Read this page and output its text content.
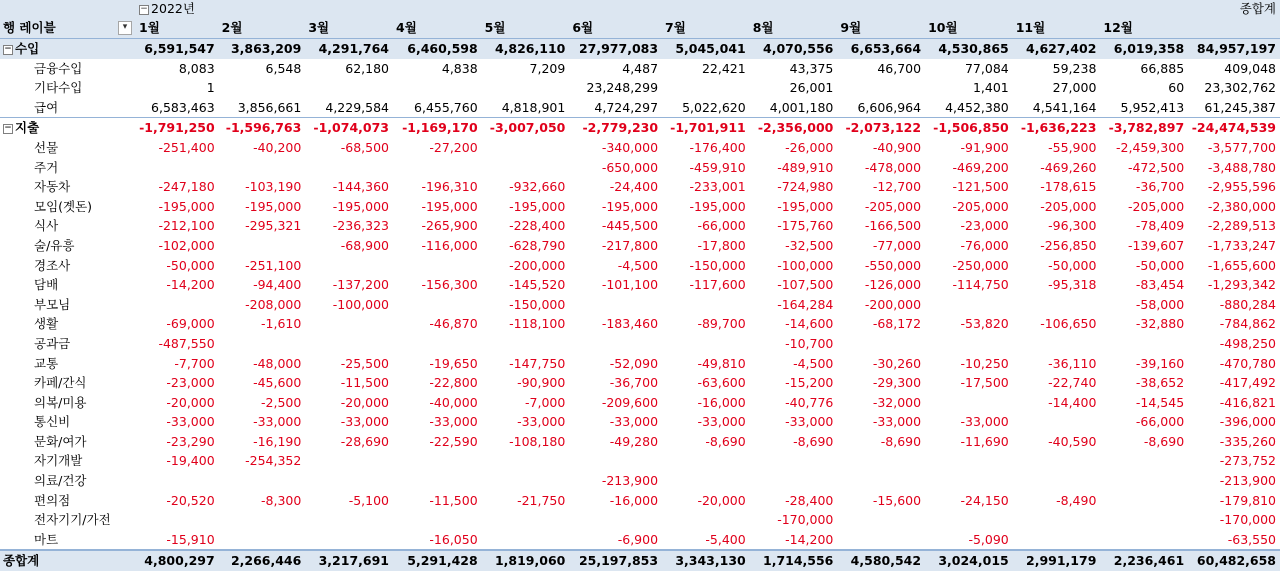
	− 2022년												종합계
행 레이블 ▾	1월	2월	3월	4월	5월	6월	7월	8월	9월	10월	11월	12월	
− 수입	6,591,547	3,863,209	4,291,764	6,460,598	4,826,110	27,977,083	5,045,041	4,070,556	6,653,664	4,530,865	4,627,402	6,019,358	84,957,197
금융수입	8,083	6,548	62,180	4,838	7,209	4,487	22,421	43,375	46,700	77,084	59,238	66,885	409,048
기타수입	1					23,248,299		26,001		1,401	27,000	60	23,302,762
급여	6,583,463	3,856,661	4,229,584	6,455,760	4,818,901	4,724,297	5,022,620	4,001,180	6,606,964	4,452,380	4,541,164	5,952,413	61,245,387
− 지출	-1,791,250	-1,596,763	-1,074,073	-1,169,170	-3,007,050	-2,779,230	-1,701,911	-2,356,000	-2,073,122	-1,506,850	-1,636,223	-3,782,897	-24,474,539
선물	-251,400	-40,200	-68,500	-27,200		-340,000	-176,400	-26,000	-40,900	-91,900	-55,900	-2,459,300	-3,577,700
주거						-650,000	-459,910	-489,910	-478,000	-469,200	-469,260	-472,500	-3,488,780
자동차	-247,180	-103,190	-144,360	-196,310	-932,660	-24,400	-233,001	-724,980	-12,700	-121,500	-178,615	-36,700	-2,955,596
모임(곗돈)	-195,000	-195,000	-195,000	-195,000	-195,000	-195,000	-195,000	-195,000	-205,000	-205,000	-205,000	-205,000	-2,380,000
식사	-212,100	-295,321	-236,323	-265,900	-228,400	-445,500	-66,000	-175,760	-166,500	-23,000	-96,300	-78,409	-2,289,513
술/유흥	-102,000		-68,900	-116,000	-628,790	-217,800	-17,800	-32,500	-77,000	-76,000	-256,850	-139,607	-1,733,247
경조사	-50,000	-251,100			-200,000	-4,500	-150,000	-100,000	-550,000	-250,000	-50,000	-50,000	-1,655,600
담배	-14,200	-94,400	-137,200	-156,300	-145,520	-101,100	-117,600	-107,500	-126,000	-114,750	-95,318	-83,454	-1,293,342
부모님		-208,000	-100,000		-150,000			-164,284	-200,000			-58,000	-880,284
생활	-69,000	-1,610		-46,870	-118,100	-183,460	-89,700	-14,600	-68,172	-53,820	-106,650	-32,880	-784,862
공과금	-487,550							-10,700					-498,250
교통	-7,700	-48,000	-25,500	-19,650	-147,750	-52,090	-49,810	-4,500	-30,260	-10,250	-36,110	-39,160	-470,780
카페/간식	-23,000	-45,600	-11,500	-22,800	-90,900	-36,700	-63,600	-15,200	-29,300	-17,500	-22,740	-38,652	-417,492
의복/미용	-20,000	-2,500	-20,000	-40,000	-7,000	-209,600	-16,000	-40,776	-32,000		-14,400	-14,545	-416,821
통신비	-33,000	-33,000	-33,000	-33,000	-33,000	-33,000	-33,000	-33,000	-33,000	-33,000		-66,000	-396,000
문화/여가	-23,290	-16,190	-28,690	-22,590	-108,180	-49,280	-8,690	-8,690	-8,690	-11,690	-40,590	-8,690	-335,260
자기개발	-19,400	-254,352											-273,752
의료/건강						-213,900							-213,900
편의점	-20,520	-8,300	-5,100	-11,500	-21,750	-16,000	-20,000	-28,400	-15,600	-24,150	-8,490		-179,810
전자기기/가전								-170,000					-170,000
마트	-15,910			-16,050		-6,900	-5,400	-14,200		-5,090			-63,550
종합계	4,800,297	2,266,446	3,217,691	5,291,428	1,819,060	25,197,853	3,343,130	1,714,556	4,580,542	3,024,015	2,991,179	2,236,461	60,482,658
